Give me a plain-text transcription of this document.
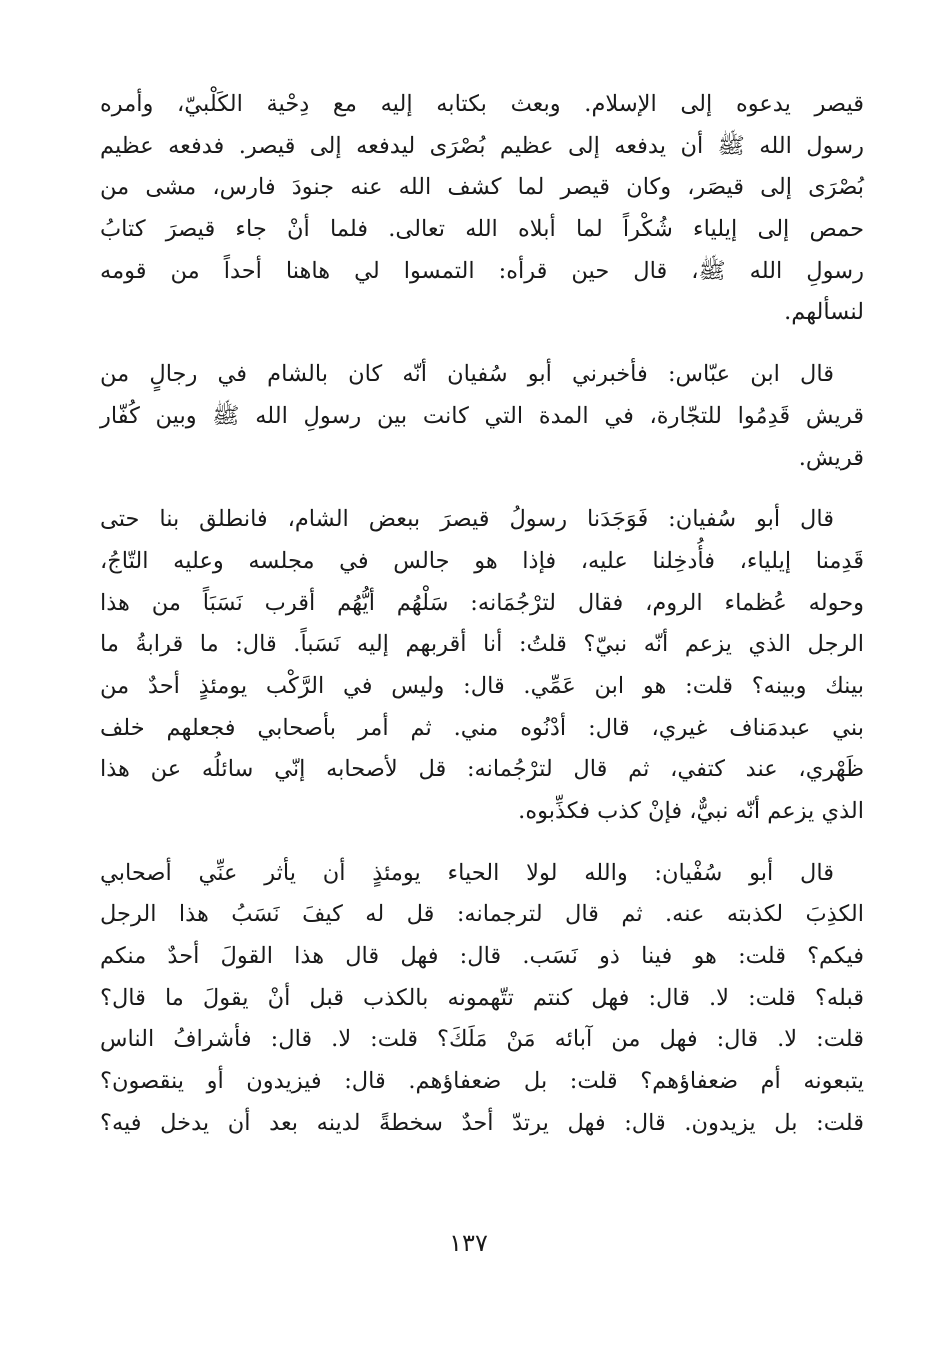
قيصر يدعوه إلى الإسلام. وبعث بكتابه إليه مع دِحْية الكَلْبيّ، وأمره
رسول الله ﷺ أن يدفعه إلى عظيم بُصْرَى ليدفعه إلى قيصر. فدفعه عظيم
بُصْرَى إلى قيصَر، وكان قيصر لما كشف الله عنه جنودَ فارس، مشى من
حمص إلى إيلياء شُكْراً لما أبلاه الله تعالى. فلما أنْ جاء قيصرَ كتابُ
رسولِ الله ﷺ، قال حين قرأه: التمسوا لي هاهنا أحداً من قومه
لنسألهم.
قال ابن عبّاس: فأخبرني أبو سُفيان أنّه كان بالشام في رجالٍ من
قريش قَدِمُوا للتجّارة، في المدة التي كانت بين رسولِ الله ﷺ وبين كُفّار
قريش.
قال أبو سُفيان: فَوَجَدَنا رسولُ قيصرَ ببعض الشام، فانطلق بنا حتى
قَدِمنا إيلياء، فأُدخِلنا عليه، فإذا هو جالس في مجلسه وعليه التّاجُ،
وحوله عُظماء الروم، فقال لترْجُمَانه: سَلْهُم أيُّهُم أقرب نَسَبَاً من هذا
الرجل الذي يزعم أنّه نبيّ؟ قلتُ: أنا أقربهم إليه نَسَباً. قال: ما قرابةُ ما
بينك وبينه؟ قلت: هو ابن عَمِّي. قال: وليس في الرَّكْب يومئذٍ أحدٌ من
بني عبدمَناف غيري، قال: أدْنُوه مني. ثم أمر بأصحابي فجعلهم خلف
ظَهْري، عند كتفي، ثم قال لترْجُمانه: قل لأصحابه إنّي سائلُه عن هذا
الذي يزعم أنّه نبيٌّ، فإنْ كذب فكذِّبوه.
قال أبو سُفْيان: والله لولا الحياء يومئذٍ أن يأثر عنِّي أصحابي
الكذِبَ لكذبته عنه. ثم قال لترجمانه: قل له كيفَ نَسَبُ هذا الرجل
فيكم؟ قلت: هو فينا ذو نَسَب. قال: فهل قال هذا القولَ أحدٌ منكم
قبله؟ قلت: لا. قال: فهل كنتم تتّهمونه بالكذب قبل أنْ يقولَ ما قال؟
قلت: لا. قال: فهل من آبائه مَنْ مَلَكَ؟ قلت: لا. قال: فأشرافُ الناس
يتبعونه أم ضعفاؤهم؟ قلت: بل ضعفاؤهم. قال: فيزيدون أو ينقصون؟
قلت: بل يزيدون. قال: فهل يرتدّ أحدٌ سخطةً لدينه بعد أن يدخل فيه؟
١٣٧
